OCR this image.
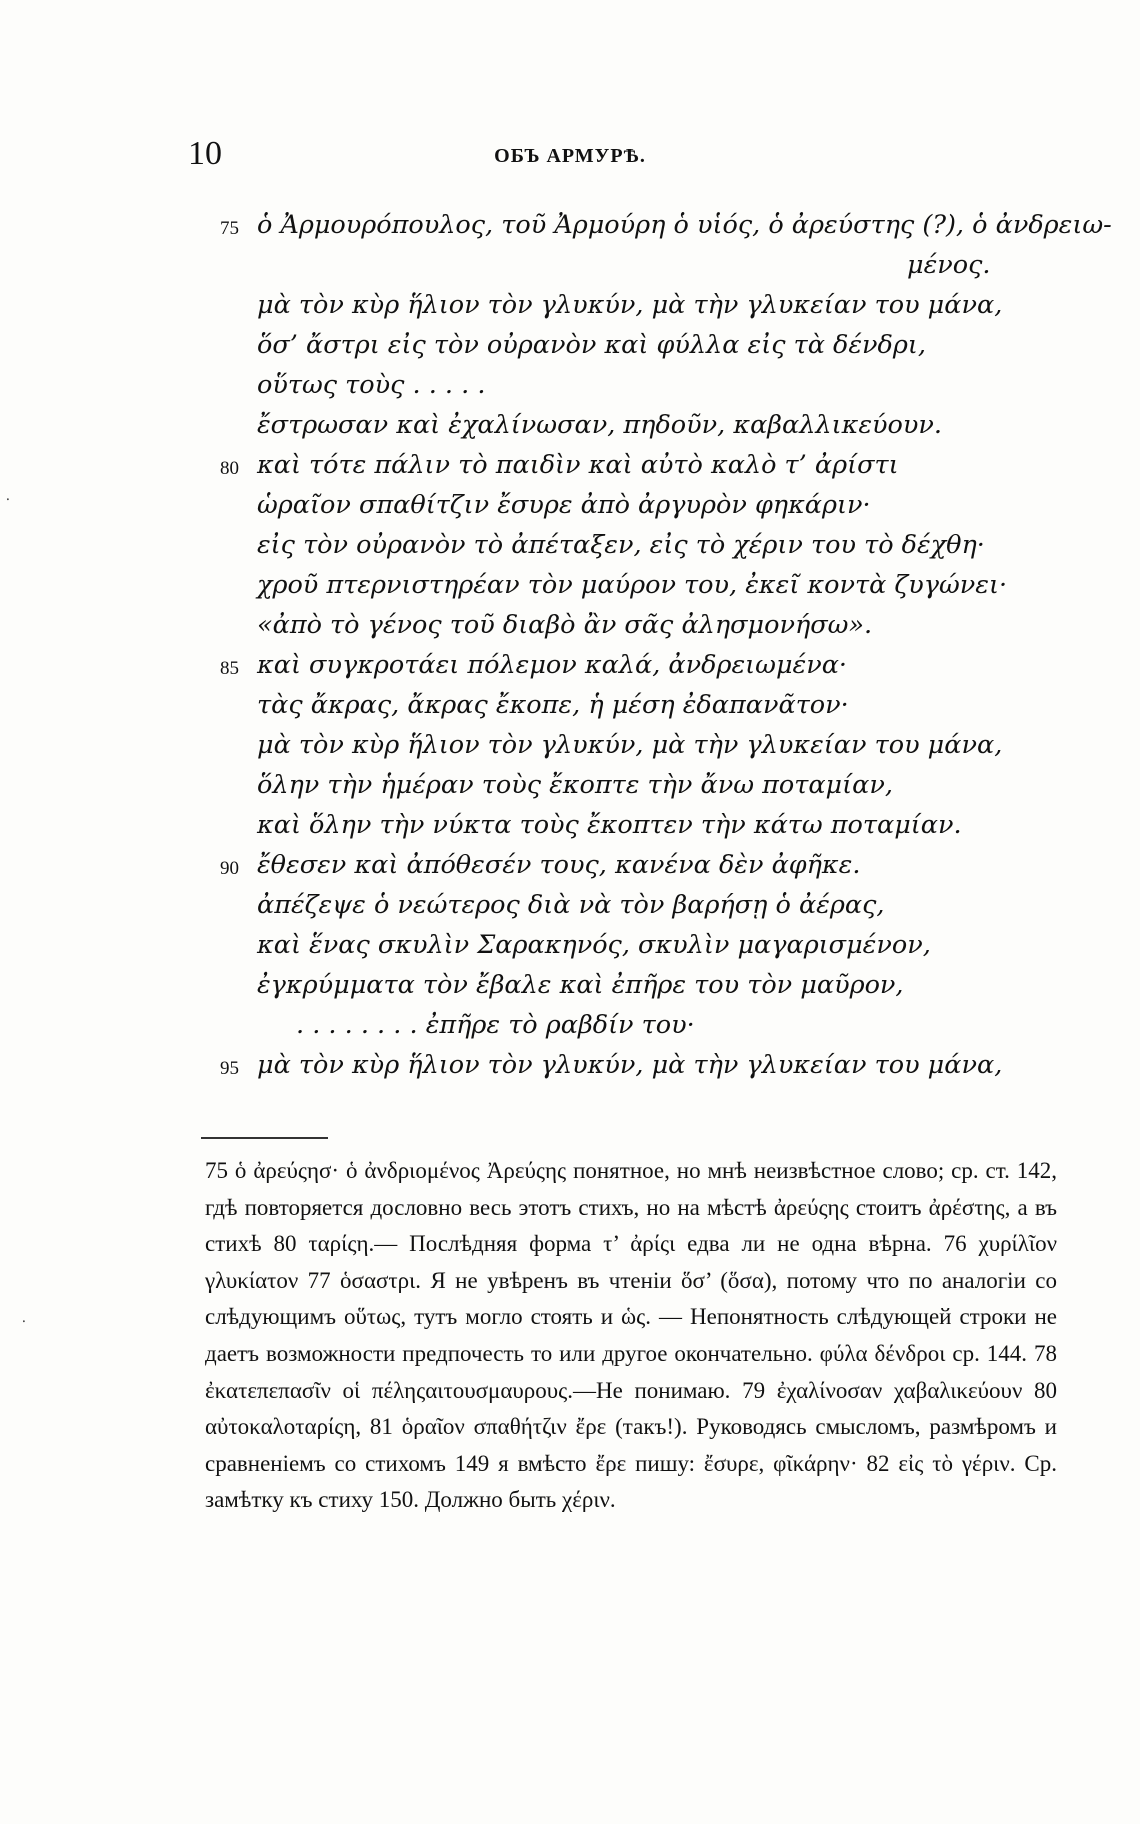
10	ОБЪ АРМУРѢ.
75 ὁ Ἀρμουρόπουλος, τοῦ Ἀρμούρη ὁ υἱός, ὁ ἀρεύστης (?), ὁ ἀνδρειω-
μένος.
μὰ τὸν κὺρ ἥλιον τὸν γλυκύν, μὰ τὴν γλυκείαν του μάνα,
ὅσ’ ἄστρι εἰς τὸν οὐρανὸν καὶ φύλλα εἰς τὰ δένδρι,
οὕτως τοὺς . . . . .
ἔστρωσαν καὶ ἐχαλίνωσαν, πηδοῦν, καβαλλικεύουν.
80 καὶ τότε πάλιν τὸ παιδὶν καὶ αὐτὸ καλὸ τ’ ἀρίστι
ὡραῖον σπαθίτζιν ἔσυρε ἀπὸ ἀργυρὸν φηκάριν·
εἰς τὸν οὐρανὸν τὸ ἀπέταξεν, εἰς τὸ χέριν του τὸ δέχθη·
χροῦ πτερνιστηρέαν τὸν μαύρον του, ἐκεῖ κοντὰ ζυγώνει·
«ἀπὸ τὸ γένος τοῦ διαβὸ ἂν σᾶς ἀλησμονήσω».
85 καὶ συγκροτάει πόλεμον καλά, ἀνδρειωμένα·
τὰς ἄκρας, ἄκρας ἔκοπε, ἡ μέση ἐδαπανᾶτον·
μὰ τὸν κὺρ ἥλιον τὸν γλυκύν, μὰ τὴν γλυκείαν του μάνα,
ὅλην τὴν ἡμέραν τοὺς ἔκοπτε τὴν ἄνω ποταμίαν,
καὶ ὅλην τὴν νύκτα τοὺς ἔκοπτεν τὴν κάτω ποταμίαν.
90 ἔθεσεν καὶ ἀπόθεσέν τους, κανένα δὲν ἀφῆκε.
ἀπέζεψε ὁ νεώτερος διὰ νὰ τὸν βαρήσῃ ὁ ἀέρας,
καὶ ἕνας σκυλὶν Σαρακηνός, σκυλὶν μαγαρισμένον,
ἐγκρύμματα τὸν ἔβαλε καὶ ἐπῆρε του τὸν μαῦρον,
. . . . . . . . ἐπῆρε τὸ ραβδίν του·
95 μὰ τὸν κὺρ ἥλιον τὸν γλυκύν, μὰ τὴν γλυκείαν του μάνα,

75 ὁ ἀρεύςησ· ὁ ἀνδριομένος Ἀρεύςης понятное, но мнѣ неизвѣстное слово; ср. ст. 142, гдѣ повторяется дословно весь этотъ стихъ, но на мѣстѣ ἀρεύςης стоитъ ἀρέστης, а въ стихѣ 80 ταρίςη.— Послѣдняя форма τ’ ἀρίςι едва ли не одна вѣрна. 76 χυρίλῖον γλυκίατον 77 ὁσαστρι. Я не увѣренъ въ чтеніи ὅσ’ (ὅσα), потому что по аналогіи со слѣдующимъ οὕτως, тутъ могло стоять и ὡς. — Непонятность слѣдующей строки не даетъ возможности предпочесть то или другое окончательно. φύλα δένδροι ср. 144. 78 ἐκατεπεπασῖν οἱ πέληςαιτουσμαυρους.—Не понимаю. 79 ἐχαλίνοσαν χαβαλικεύουν 80 αὐτοκαλοταρίςη, 81 ὁραῖον σπαθήτζιν ἔρε (такъ!). Руководясь смысломъ, размѣромъ и сравненіемъ со стихомъ 149 я вмѣсто ἔρε пишу: ἔσυρε, φῖκάρην· 82 εἰς τὸ γέριν. Ср. замѣтку къ стиху 150. Должно быть χέριν.

⸳
⸳
